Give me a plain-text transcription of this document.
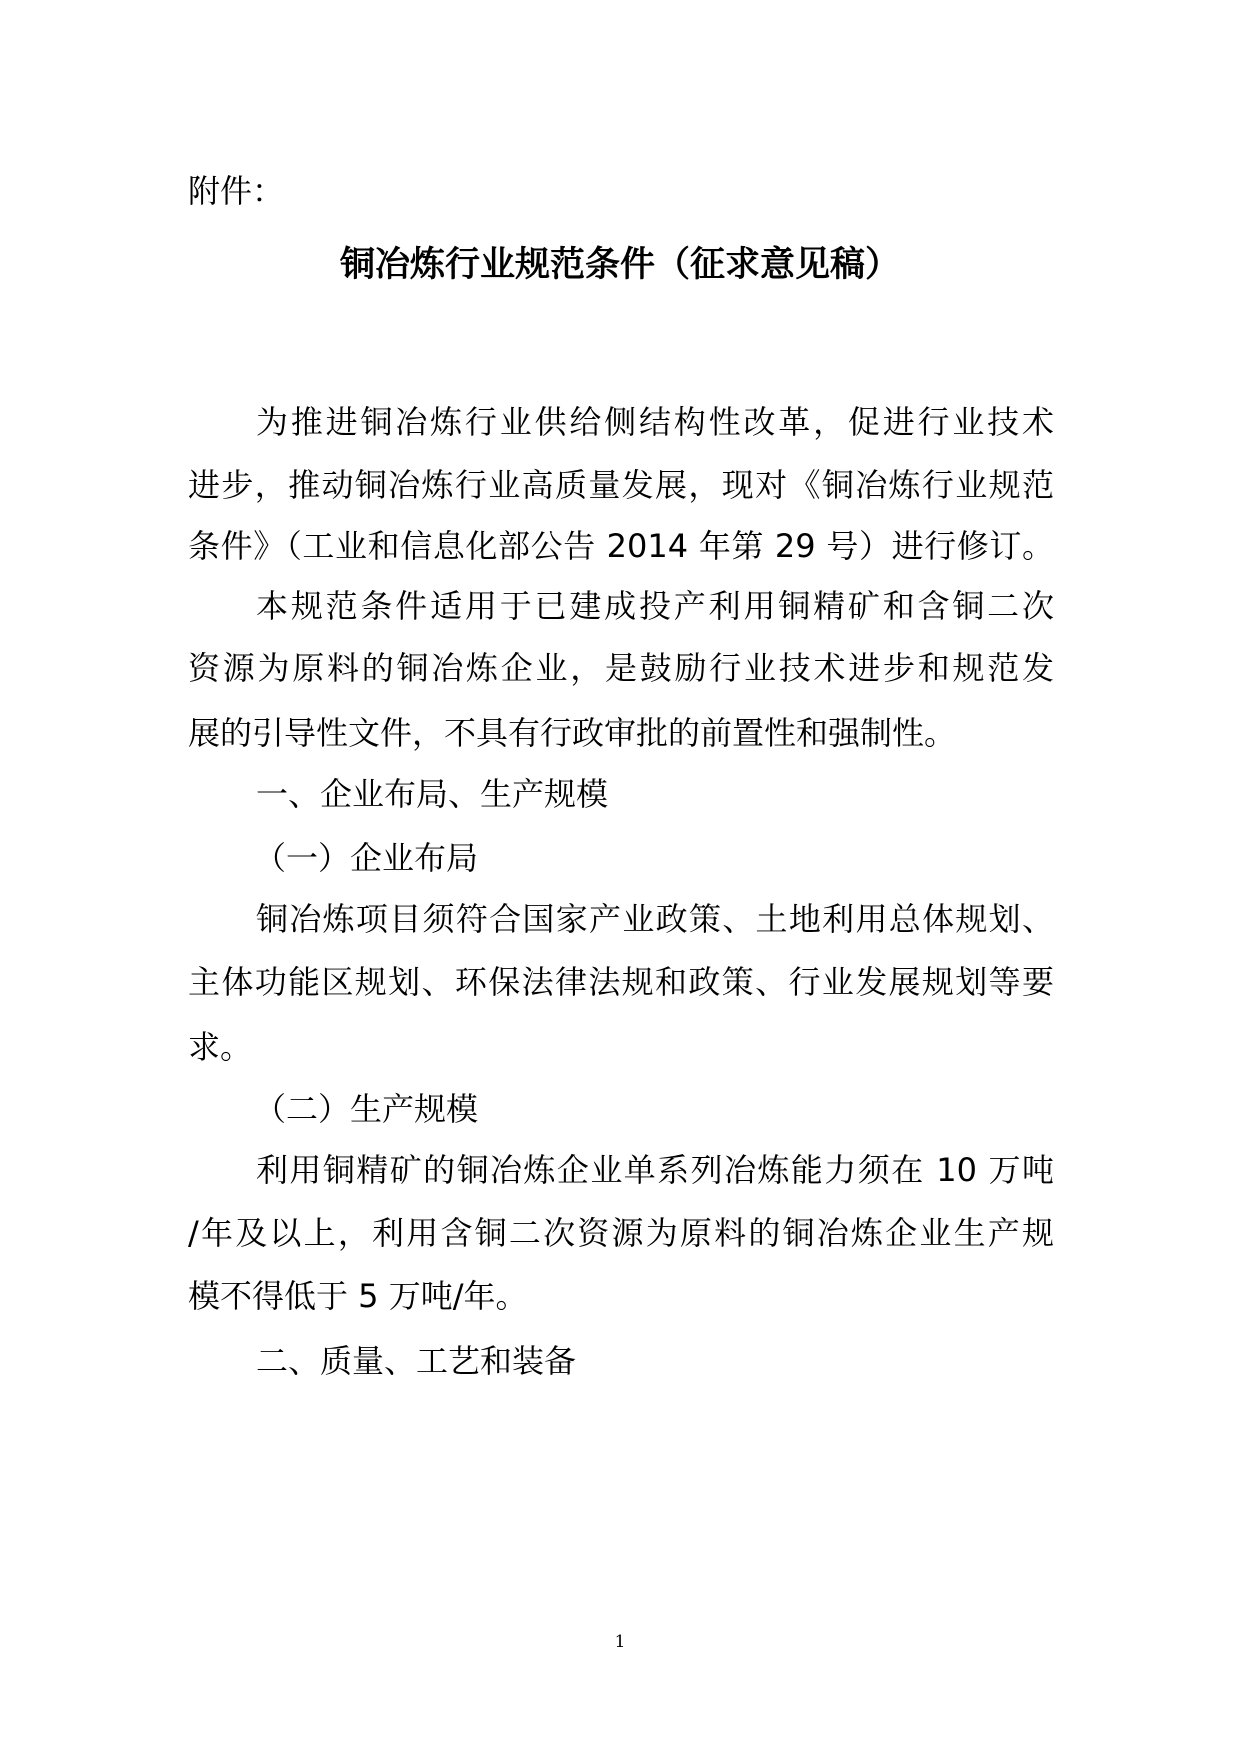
附件：
铜冶炼行业规范条件（征求意见稿）
为推进铜冶炼行业供给侧结构性改革，促进行业技术
进步，推动铜冶炼行业高质量发展，现对《铜冶炼行业规范
条件》（工业和信息化部公告 2014 年第 29 号）进行修订。
本规范条件适用于已建成投产利用铜精矿和含铜二次
资源为原料的铜冶炼企业，是鼓励行业技术进步和规范发
展的引导性文件，不具有行政审批的前置性和强制性。
一、企业布局、生产规模
（一）企业布局
铜冶炼项目须符合国家产业政策、土地利用总体规划、
主体功能区规划、环保法律法规和政策、行业发展规划等要
求。
（二）生产规模
利用铜精矿的铜冶炼企业单系列冶炼能力须在 10 万吨
/年及以上，利用含铜二次资源为原料的铜冶炼企业生产规
模不得低于 5 万吨/年。
二、质量、工艺和装备
1
